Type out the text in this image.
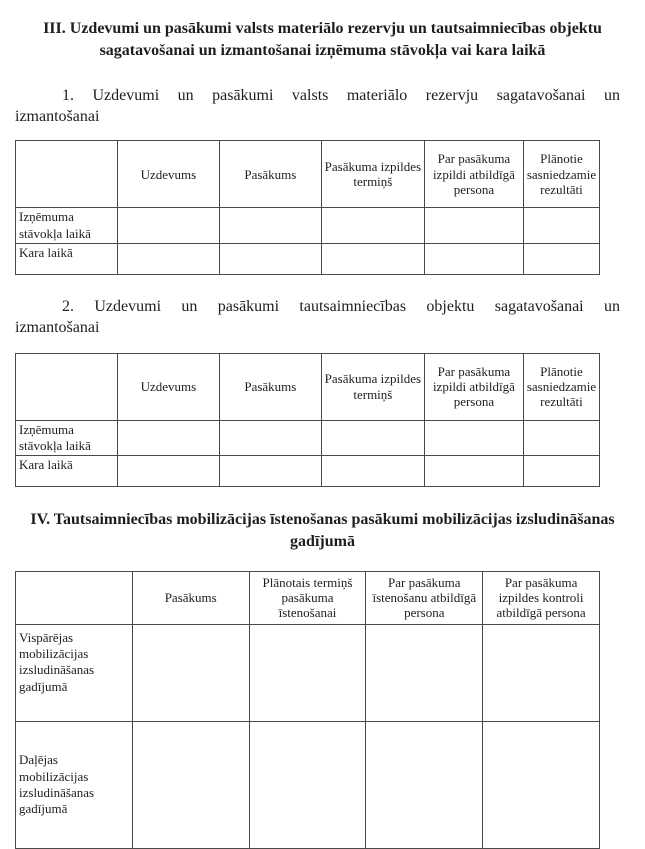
III. Uzdevumi un pasākumi valsts materiālo rezervju un tautsaimniecības objektu sagatavošanai un izmantošanai izņēmuma stāvokļa vai kara laikā
1. Uzdevumi un pasākumi valsts materiālo rezervju sagatavošanai un izmantošanai
	Uzdevums	Pasākums	Pasākuma izpildes termiņš	Par pasākuma izpildi atbildīgā persona	Plānotie sasniedzamie rezultāti
Izņēmuma stāvokļa laikā					
Kara laikā					
2. Uzdevumi un pasākumi tautsaimniecības objektu sagatavošanai un izmantošanai
	Uzdevums	Pasākums	Pasākuma izpildes termiņš	Par pasākuma izpildi atbildīgā persona	Plānotie sasniedzamie rezultāti
Izņēmuma stāvokļa laikā					
Kara laikā					
IV. Tautsaimniecības mobilizācijas īstenošanas pasākumi mobilizācijas izsludināšanas gadījumā
	Pasākums	Plānotais termiņš pasākuma īstenošanai	Par pasākuma īstenošanu atbildīgā persona	Par pasākuma izpildes kontroli atbildīgā persona
Vispārējas mobilizācijas izsludināšanas gadījumā				
Daļējas mobilizācijas izsludināšanas gadījumā				
